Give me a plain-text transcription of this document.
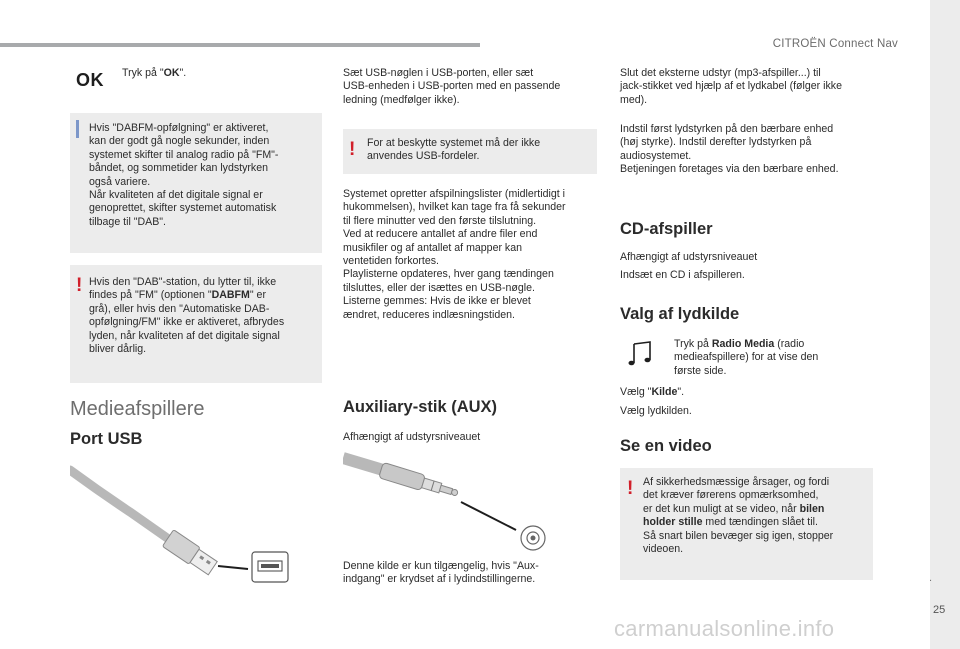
CITROËN Connect Nav
OK Tryk på "OK".
Hvis "DABFM-opfølgning" er aktiveret,
kan der godt gå nogle sekunder, inden
systemet skifter til analog radio på "FM"-
båndet, og sommetider kan lydstyrken
også variere.
Når kvaliteten af det digitale signal er
genoprettet, skifter systemet automatisk
tilbage til "DAB".
! Hvis den "DAB"-station, du lytter til, ikke
findes på "FM" (optionen "DABFM" er
grå), eller hvis den "Automatiske DAB-
opfølgning/FM" ikke er aktiveret, afbrydes
lyden, når kvaliteten af det digitale signal
bliver dårlig.
Medieafspillere
Port USB
Sæt USB-nøglen i USB-porten, eller sæt
USB-enheden i USB-porten med en passende
ledning (medfølger ikke).
! For at beskytte systemet må der ikke
anvendes USB-fordeler.
Systemet opretter afspilningslister (midlertidigt i
hukommelsen), hvilket kan tage fra få sekunder
til flere minutter ved den første tilslutning.
Ved at reducere antallet af andre filer end
musikfiler og af antallet af mapper kan
ventetiden forkortes.
Playlisterne opdateres, hver gang tændingen
tilsluttes, eller der isættes en USB-nøgle.
Listerne gemmes: Hvis de ikke er blevet
ændret, reduceres indlæsningstiden.
Auxiliary-stik (AUX)
Afhængigt af udstyrsniveauet
Denne kilde er kun tilgængelig, hvis "Aux-
indgang" er krydset af i lydindstillingerne.
Slut det eksterne udstyr (mp3-afspiller...) til
jack-stikket ved hjælp af et lydkabel (følger ikke
med).
Indstil først lydstyrken på den bærbare enhed
(høj styrke). Indstil derefter lydstyrken på
audiosystemet.
Betjeningen foretages via den bærbare enhed.
CD-afspiller
Afhængigt af udstyrsniveauet
Indsæt en CD i afspilleren.
Valg af lydkilde
Tryk på Radio Media (radio
medieafspillere) for at vise den
første side.
Vælg "Kilde".
Vælg lydkilden.
Se en video
! Af sikkerhedsmæssige årsager, og fordi
det kræver førerens opmærksomhed,
er det kun muligt at se video, når bilen
holder stille med tændingen slået til.
Så snart bilen bevæger sig igen, stopper
videoen.
25
.
carmanualsonline.info
